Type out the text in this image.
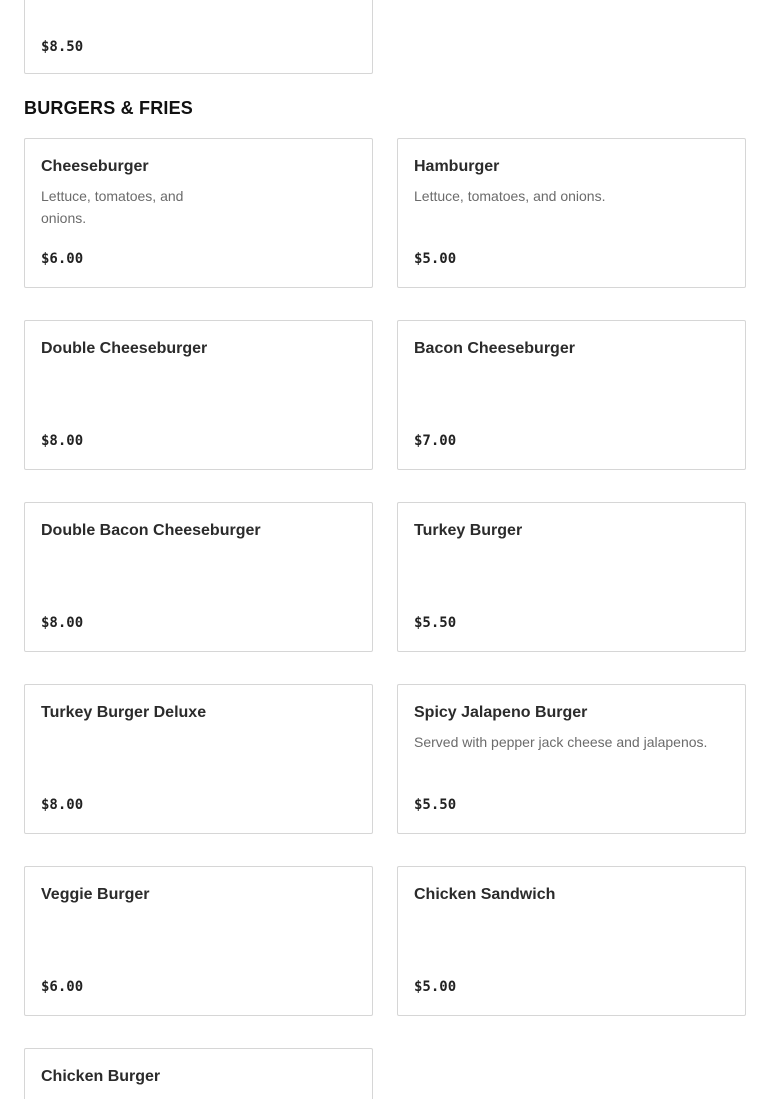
$8.50
BURGERS & FRIES
Cheeseburger
Lettuce, tomatoes, and onions.
$6.00
Hamburger
Lettuce, tomatoes, and onions.
$5.00
Double Cheeseburger
$8.00
Bacon Cheeseburger
$7.00
Double Bacon Cheeseburger
$8.00
Turkey Burger
$5.50
Turkey Burger Deluxe
$8.00
Spicy Jalapeno Burger
Served with pepper jack cheese and jalapenos.
$5.50
Veggie Burger
$6.00
Chicken Sandwich
$5.00
Chicken Burger
